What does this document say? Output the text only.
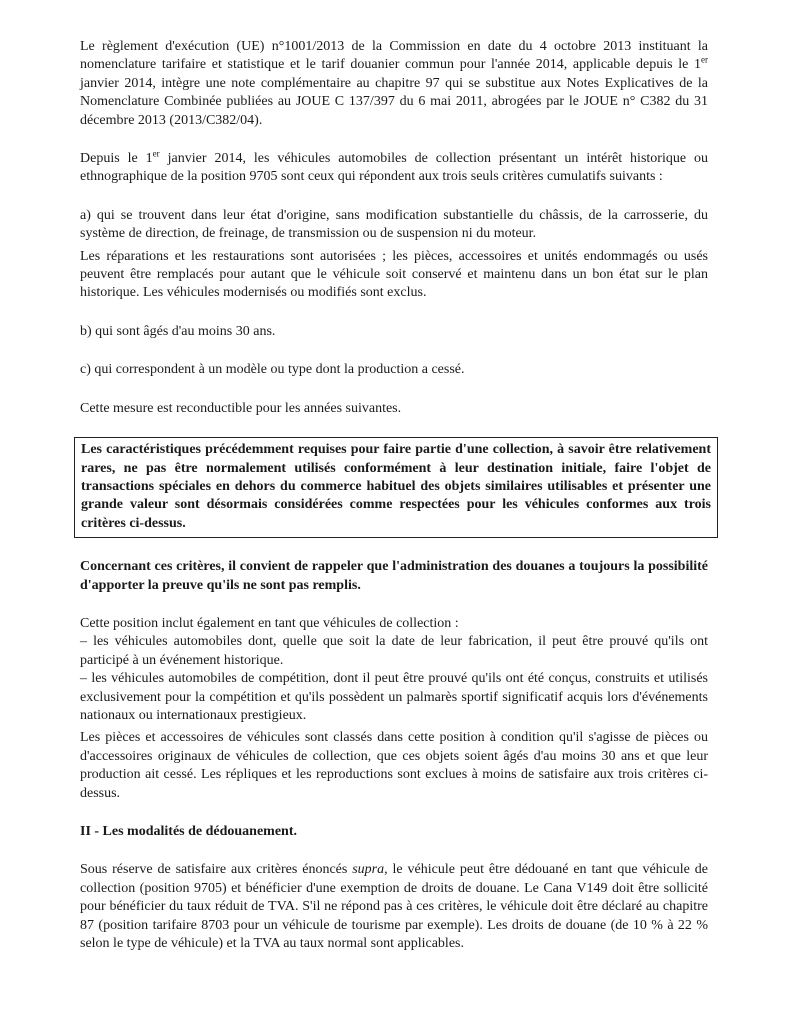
Le règlement d'exécution (UE) n°1001/2013 de la Commission en date du 4 octobre 2013 instituant la nomenclature tarifaire et statistique et le tarif douanier commun pour l'année 2014, applicable depuis le 1er janvier 2014, intègre une note complémentaire au chapitre 97 qui se substitue aux Notes Explicatives de la Nomenclature Combinée publiées au JOUE C 137/397 du 6 mai 2011, abrogées par le JOUE n° C382 du 31 décembre 2013 (2013/C382/04).

Depuis le 1er janvier 2014, les véhicules automobiles de collection présentant un intérêt historique ou ethnographique de la position 9705 sont ceux qui répondent aux trois seuls critères cumulatifs suivants :

a) qui se trouvent dans leur état d'origine, sans modification substantielle du châssis, de la carrosserie, du système de direction, de freinage, de transmission ou de suspension ni du moteur.

Les réparations et les restaurations sont autorisées ; les pièces, accessoires et unités endommagés ou usés peuvent être remplacés pour autant que le véhicule soit conservé et maintenu dans un bon état sur le plan historique. Les véhicules modernisés ou modifiés sont exclus.

b) qui sont âgés d'au moins 30 ans.

c) qui correspondent à un modèle ou type dont la production a cessé.

Cette mesure est reconductible pour les années suivantes.

Les caractéristiques précédemment requises pour faire partie d'une collection, à savoir être relativement rares, ne pas être normalement utilisés conformément à leur destination initiale, faire l'objet de transactions spéciales en dehors du commerce habituel des objets similaires utilisables et présenter une grande valeur sont désormais considérées comme respectées pour les véhicules conformes aux trois critères ci-dessus.

Concernant ces critères, il convient de rappeler que l'administration des douanes a toujours la possibilité d'apporter la preuve qu'ils ne sont pas remplis.

Cette position inclut également en tant que véhicules de collection :

– les véhicules automobiles dont, quelle que soit la date de leur fabrication, il peut être prouvé qu'ils ont participé à un événement historique.

– les véhicules automobiles de compétition, dont il peut être prouvé qu'ils ont été conçus, construits et utilisés exclusivement pour la compétition et qu'ils possèdent un palmarès sportif significatif acquis lors d'événements nationaux ou internationaux prestigieux.

Les pièces et accessoires de véhicules sont classés dans cette position à condition qu'il s'agisse de pièces ou d'accessoires originaux de véhicules de collection, que ces objets soient âgés d'au moins 30 ans et que leur production ait cessé. Les répliques et les reproductions sont exclues à moins de satisfaire aux trois critères ci-dessus.

II - Les modalités de dédouanement.

Sous réserve de satisfaire aux critères énoncés supra, le véhicule peut être dédouané en tant que véhicule de collection (position 9705) et bénéficier d'une exemption de droits de douane. Le Cana V149 doit être sollicité pour bénéficier du taux réduit de TVA. S'il ne répond pas à ces critères, le véhicule doit être déclaré au chapitre 87 (position tarifaire 8703 pour un véhicule de tourisme par exemple). Les droits de douane (de 10 % à 22 % selon le type de véhicule) et la TVA au taux normal sont applicables.
